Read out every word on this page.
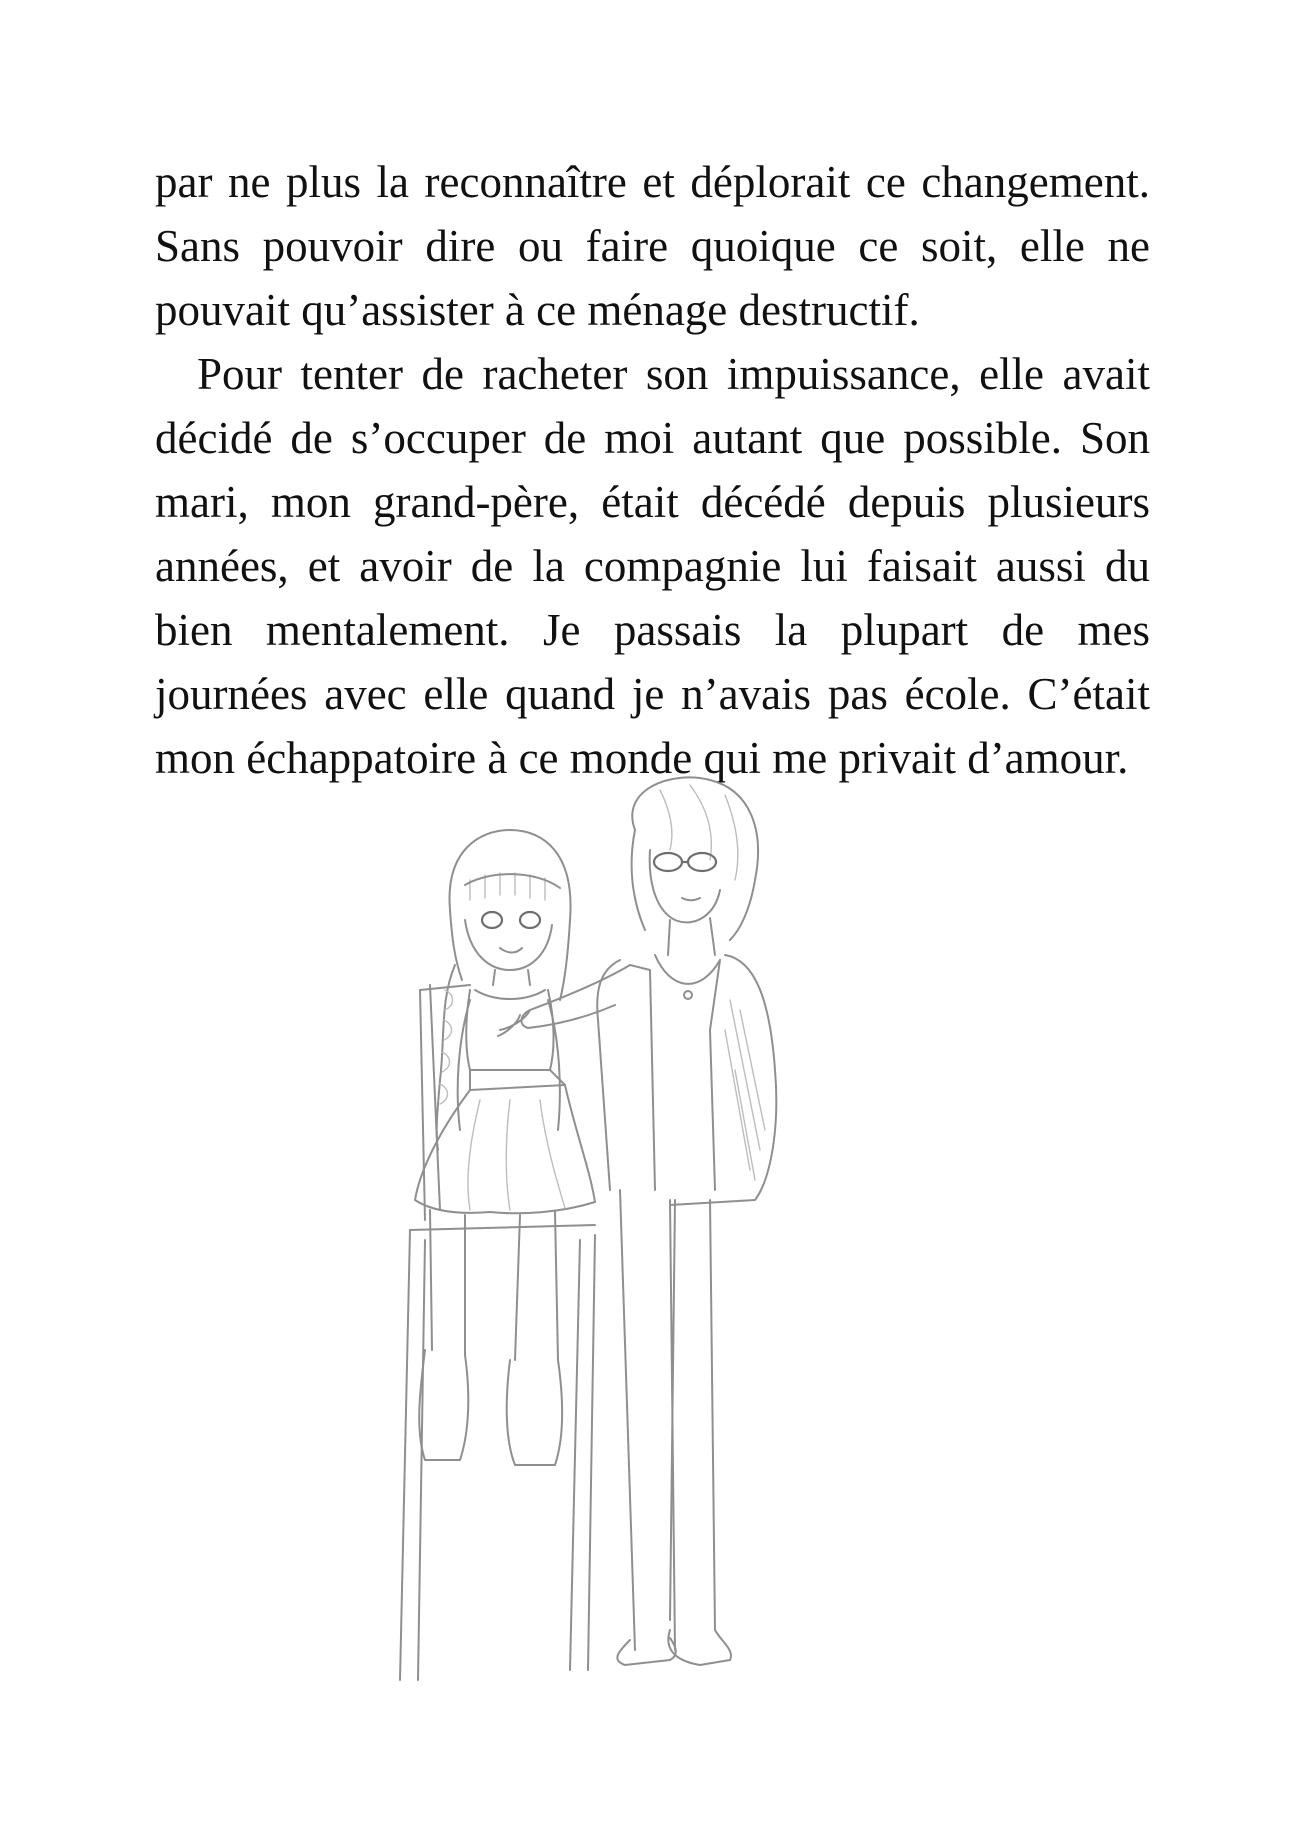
par ne plus la reconnaître et déplorait ce changement.
Sans pouvoir dire ou faire quoique ce soit, elle ne
pouvait qu’assister à ce ménage destructif.
Pour tenter de racheter son impuissance, elle avait
décidé de s’occuper de moi autant que possible. Son
mari, mon grand-père, était décédé depuis plusieurs
années, et avoir de la compagnie lui faisait aussi du
bien mentalement. Je passais la plupart de mes
journées avec elle quand je n’avais pas école. C’était
mon échappatoire à ce monde qui me privait d’amour.
